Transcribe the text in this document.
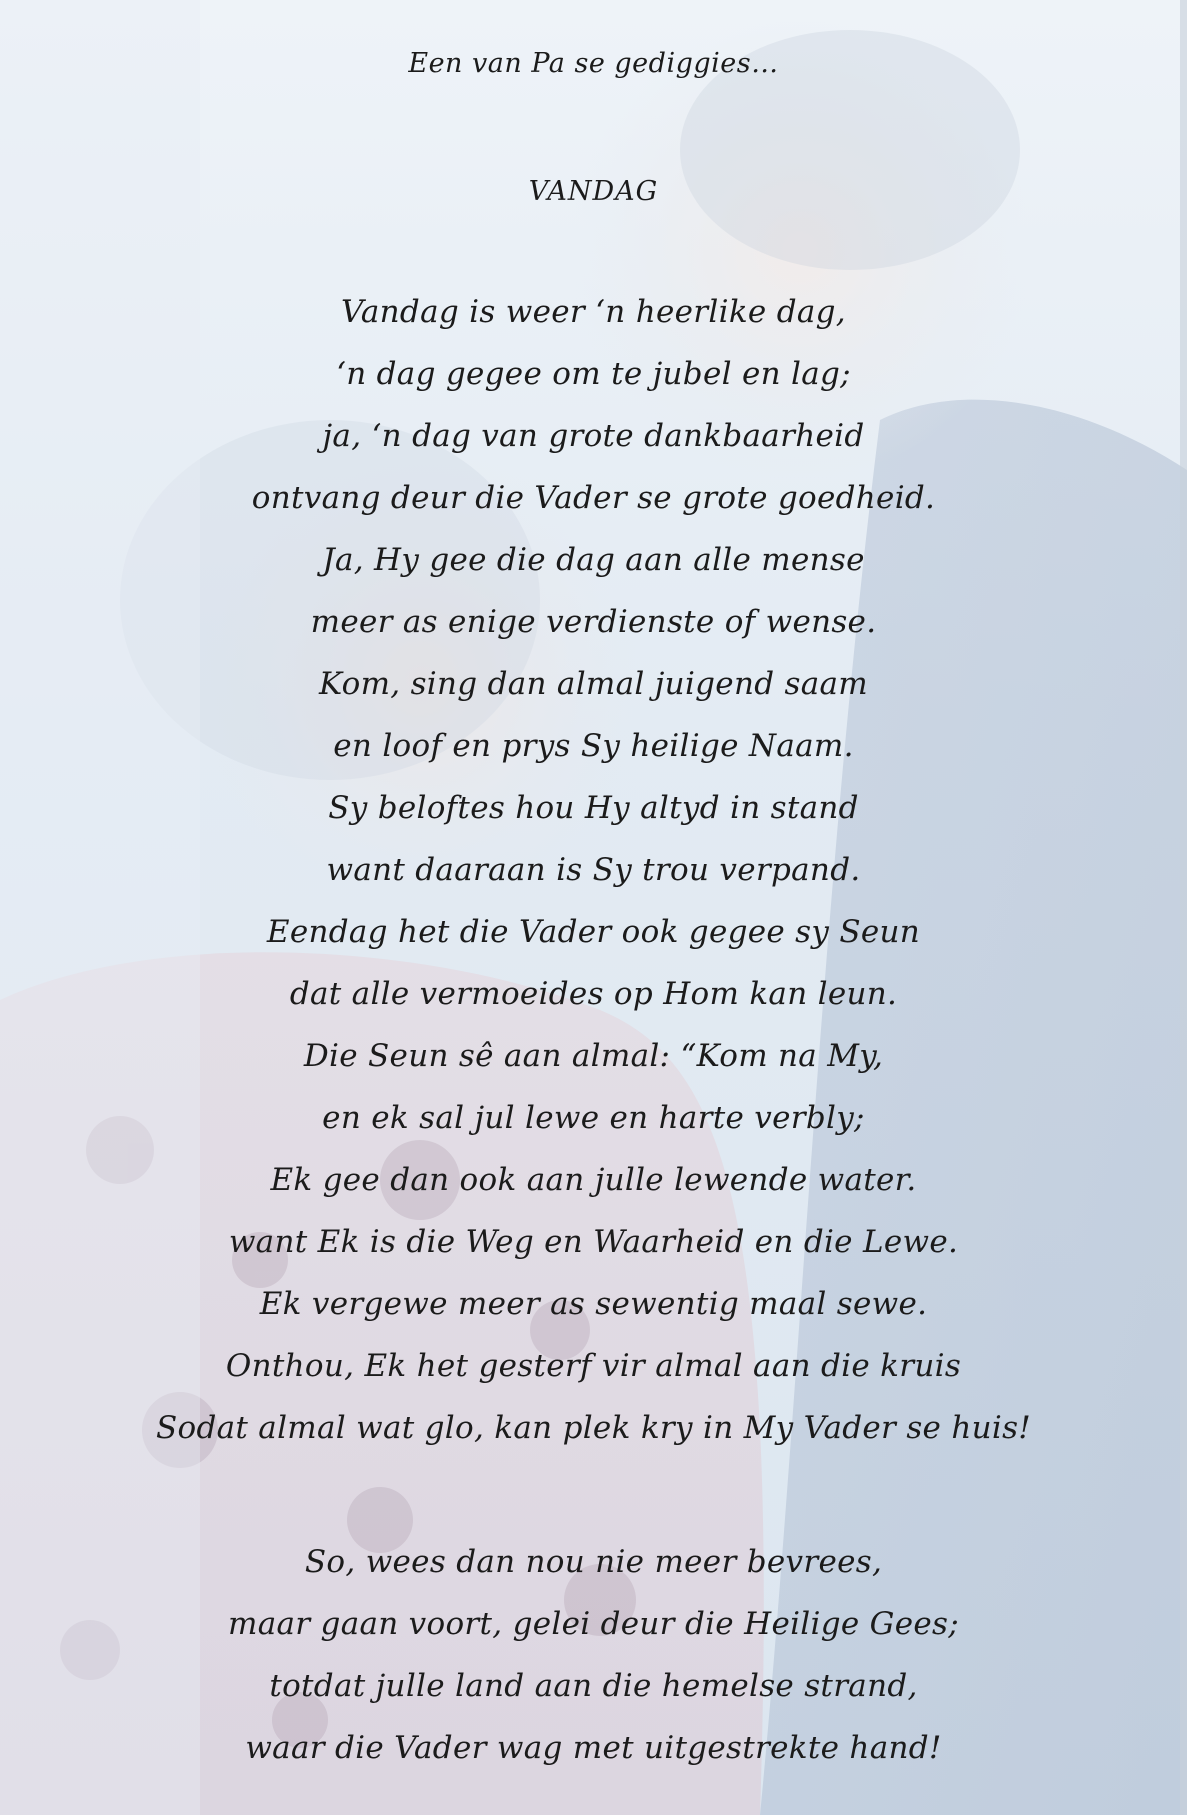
Een van Pa se gediggies…
VANDAG
Vandag is weer ‘n heerlike dag,
‘n dag gegee om te jubel en lag;
ja, ‘n dag van grote dankbaarheid
ontvang deur die Vader se grote goedheid.
Ja, Hy gee die dag aan alle mense
meer as enige verdienste of wense.
Kom, sing dan almal juigend saam
en loof en prys Sy heilige Naam.
Sy beloftes hou Hy altyd in stand
want daaraan is Sy trou verpand.
Eendag het die Vader ook gegee sy Seun
dat alle vermoeides op Hom kan leun.
Die Seun sê aan almal: “Kom na My,
en ek sal jul lewe en harte verbly;
Ek gee dan ook aan julle lewende water.
want Ek is die Weg en Waarheid en die Lewe.
Ek vergewe meer as sewentig maal sewe.
Onthou, Ek het gesterf vir almal aan die kruis
Sodat almal wat glo, kan plek kry in My Vader se huis!
So, wees dan nou nie meer bevrees,
maar gaan voort, gelei deur die Heilige Gees;
totdat julle land aan die hemelse strand,
waar die Vader wag met uitgestrekte hand!
